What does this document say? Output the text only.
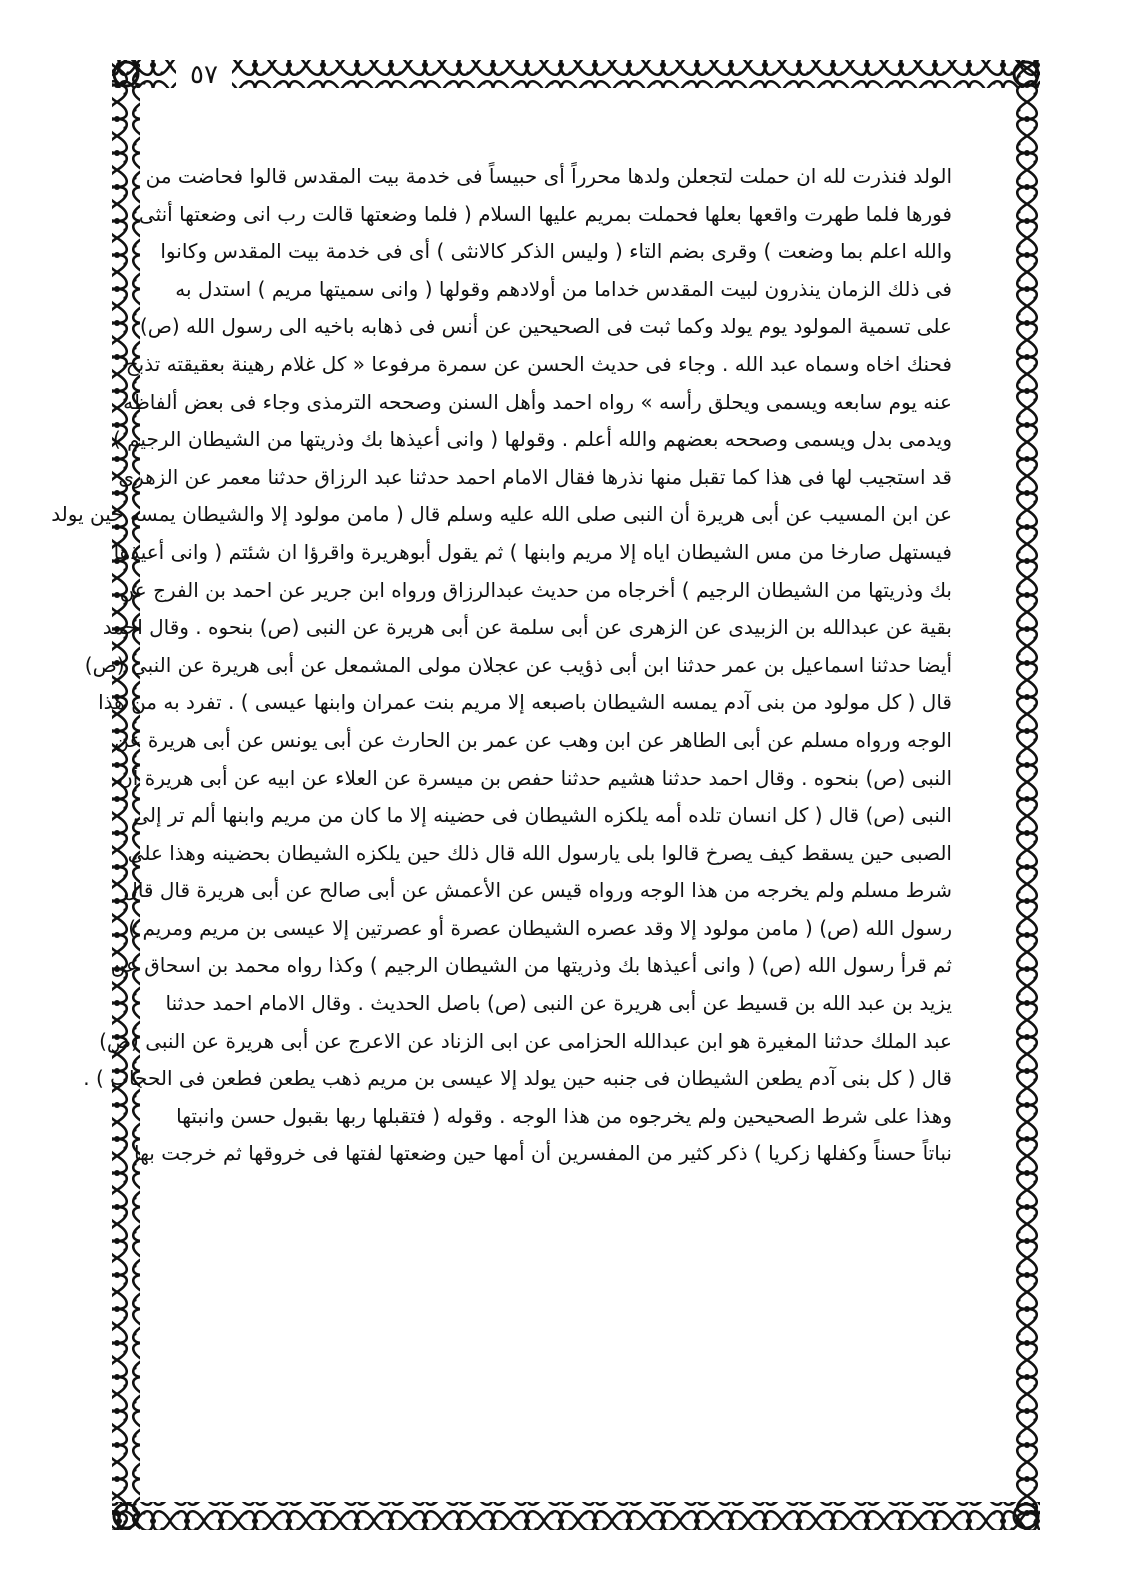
٥٧
الولد فنذرت لله ان حملت لتجعلن ولدها محرراً أى حبيساً فى خدمة بيت المقدس قالوا فحاضت من
فورها فلما طهرت واقعها بعلها فحملت بمريم عليها السلام ( فلما وضعتها قالت رب انى وضعتها أنثى
والله اعلم بما وضعت ) وقرى بضم التاء ( وليس الذكر كالانثى ) أى فى خدمة بيت المقدس وكانوا
فى ذلك الزمان ينذرون لبيت المقدس خداما من أولادهم وقولها ( وانى سميتها مريم ) استدل به
على تسمية المولود يوم يولد وكما ثبت فى الصحيحين عن أنس فى ذهابه باخيه الى رسول الله (ص)
فحنك اخاه وسماه عبد الله . وجاء فى حديث الحسن عن سمرة مرفوعا « كل غلام رهينة بعقيقته تذبح
عنه يوم سابعه ويسمى ويحلق رأسه » رواه احمد وأهل السنن وصححه الترمذى وجاء فى بعض ألفاظه
ويدمى بدل ويسمى وصححه بعضهم والله أعلم . وقولها ( وانى أعيذها بك وذريتها من الشيطان الرجيم )
قد استجيب لها فى هذا كما تقبل منها نذرها فقال الامام احمد حدثنا عبد الرزاق حدثنا معمر عن الزهرى
عن ابن المسيب عن أبى هريرة أن النبى صلى الله عليه وسلم قال ( مامن مولود إلا والشيطان يمسه حين يولد
فيستهل صارخا من مس الشيطان اياه إلا مريم وابنها ) ثم يقول أبوهريرة واقرؤا ان شئتم ( وانى أعيذها
بك وذريتها من الشيطان الرجيم ) أخرجاه من حديث عبدالرزاق ورواه ابن جرير عن احمد بن الفرج عن
بقية عن عبدالله بن الزبيدى عن الزهرى عن أبى سلمة عن أبى هريرة عن النبى (ص) بنحوه . وقال احمد
أيضا حدثنا اسماعيل بن عمر حدثنا ابن أبى ذؤيب عن عجلان مولى المشمعل عن أبى هريرة عن النبى (ص)
قال ( كل مولود من بنى آدم يمسه الشيطان باصبعه إلا مريم بنت عمران وابنها عيسى ) . تفرد به من هذا
الوجه ورواه مسلم عن أبى الطاهر عن ابن وهب عن عمر بن الحارث عن أبى يونس عن أبى هريرة عن
النبى (ص) بنحوه . وقال احمد حدثنا هشيم حدثنا حفص بن ميسرة عن العلاء عن ابيه عن أبى هريرة أن
النبى (ص) قال ( كل انسان تلده أمه يلكزه الشيطان فى حضينه إلا ما كان من مريم وابنها ألم تر إلى
الصبى حين يسقط كيف يصرخ قالوا بلى يارسول الله قال ذلك حين يلكزه الشيطان بحضينه وهذا على
شرط مسلم ولم يخرجه من هذا الوجه ورواه قيس عن الأعمش عن أبى صالح عن أبى هريرة قال قال
رسول الله (ص) ( مامن مولود إلا وقد عصره الشيطان عصرة أو عصرتين إلا عيسى بن مريم ومريم )
ثم قرأ رسول الله (ص) ( وانى أعيذها بك وذريتها من الشيطان الرجيم ) وكذا رواه محمد بن اسحاق عن
يزيد بن عبد الله بن قسيط عن أبى هريرة عن النبى (ص) باصل الحديث . وقال الامام احمد حدثنا
عبد الملك حدثنا المغيرة هو ابن عبدالله الحزامى عن ابى الزناد عن الاعرج عن أبى هريرة عن النبى (ص)
قال ( كل بنى آدم يطعن الشيطان فى جنبه حين يولد إلا عيسى بن مريم ذهب يطعن فطعن فى الحجاب ) .
وهذا على شرط الصحيحين ولم يخرجوه من هذا الوجه . وقوله ( فتقبلها ربها بقبول حسن وانبتها
نباتاً حسناً وكفلها زكريا ) ذكر كثير من المفسرين أن أمها حين وضعتها لفتها فى خروقها ثم خرجت بها
